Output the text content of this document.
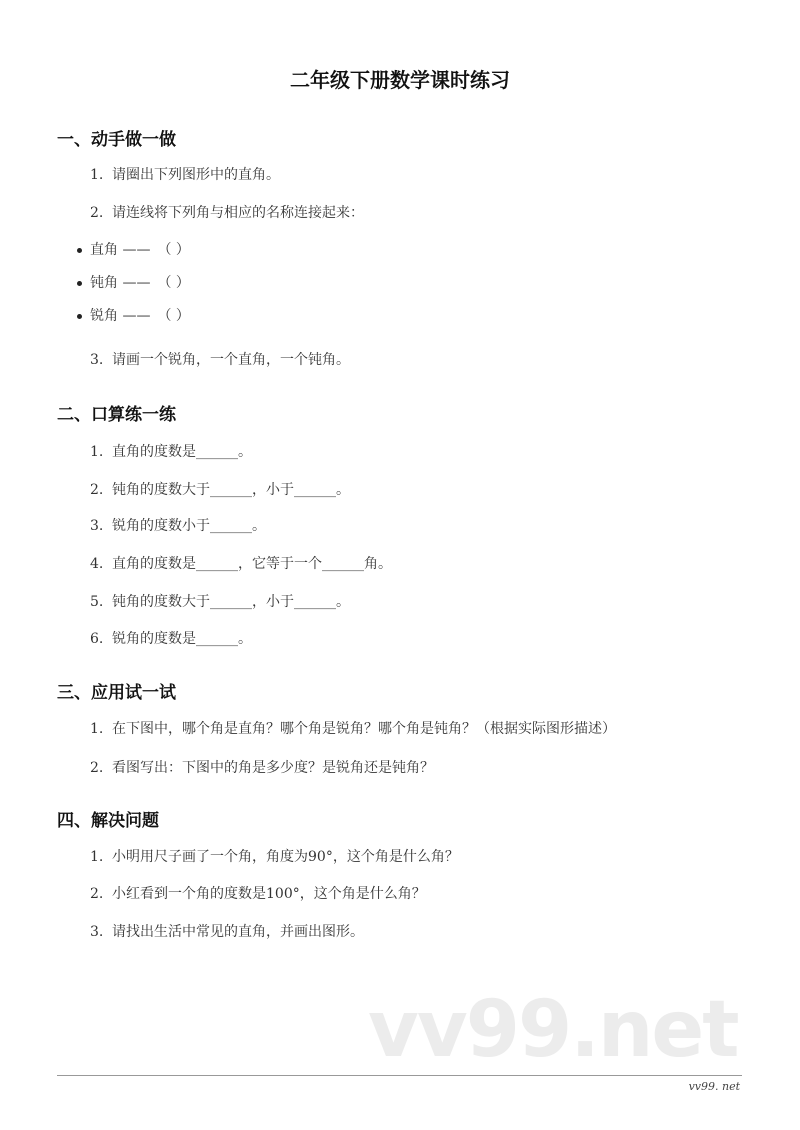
二年级下册数学课时练习
一、动手做一做
1. 请圈出下列图形中的直角。
2. 请连线将下列角与相应的名称连接起来：
直角 ——　（ ）
钝角 ——　（ ）
锐角 ——　（ ）
3. 请画一个锐角，一个直角，一个钝角。
二、口算练一练
1. 直角的度数是______。
2. 钝角的度数大于______，小于______。
3. 锐角的度数小于______。
4. 直角的度数是______，它等于一个______角。
5. 钝角的度数大于______，小于______。
6. 锐角的度数是______。
三、应用试一试
1. 在下图中，哪个角是直角？哪个角是锐角？哪个角是钝角？（根据实际图形描述）
2. 看图写出：下图中的角是多少度？是锐角还是钝角？
四、解决问题
1. 小明用尺子画了一个角，角度为90°，这个角是什么角？
2. 小红看到一个角的度数是100°，这个角是什么角？
3. 请找出生活中常见的直角，并画出图形。
vv99.net
vv99. net
